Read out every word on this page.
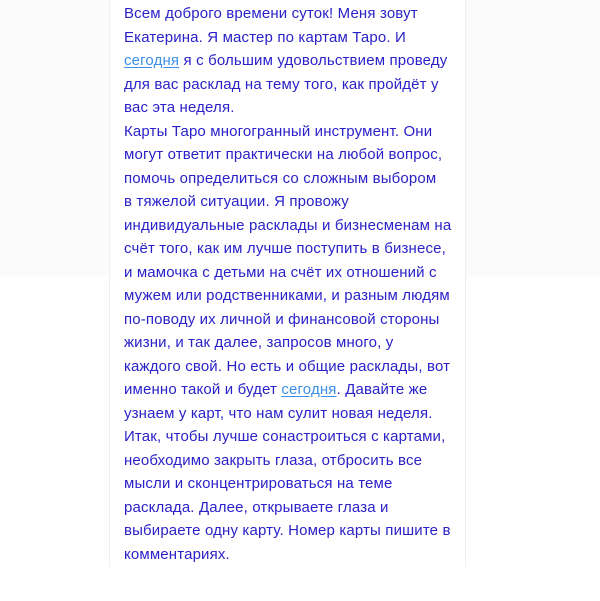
Всем доброго времени суток! Меня зовут
Екатерина. Я мастер по картам Таро. И
сегодня я с большим удовольствием проведу
для вас расклад на тему того, как пройдёт у
вас эта неделя.
Карты Таро многогранный инструмент. Они
могут ответит практически на любой вопрос,
помочь определиться со сложным выбором
в тяжелой ситуации. Я провожу
индивидуальные расклады и бизнесменам на
счёт того, как им лучше поступить в бизнесе,
и мамочка с детьми на счёт их отношений с
мужем или родственниками, и разным людям
по-поводу их личной и финансовой стороны
жизни, и так далее, запросов много, у
каждого свой. Но есть и общие расклады, вот
именно такой и будет сегодня. Давайте же
узнаем у карт, что нам сулит новая неделя.
Итак, чтобы лучше сонастроиться с картами,
необходимо закрыть глаза, отбросить все
мысли и сконцентрироваться на теме
расклада. Далее, открываете глаза и
выбираете одну карту. Номер карты пишите в
комментариях.
